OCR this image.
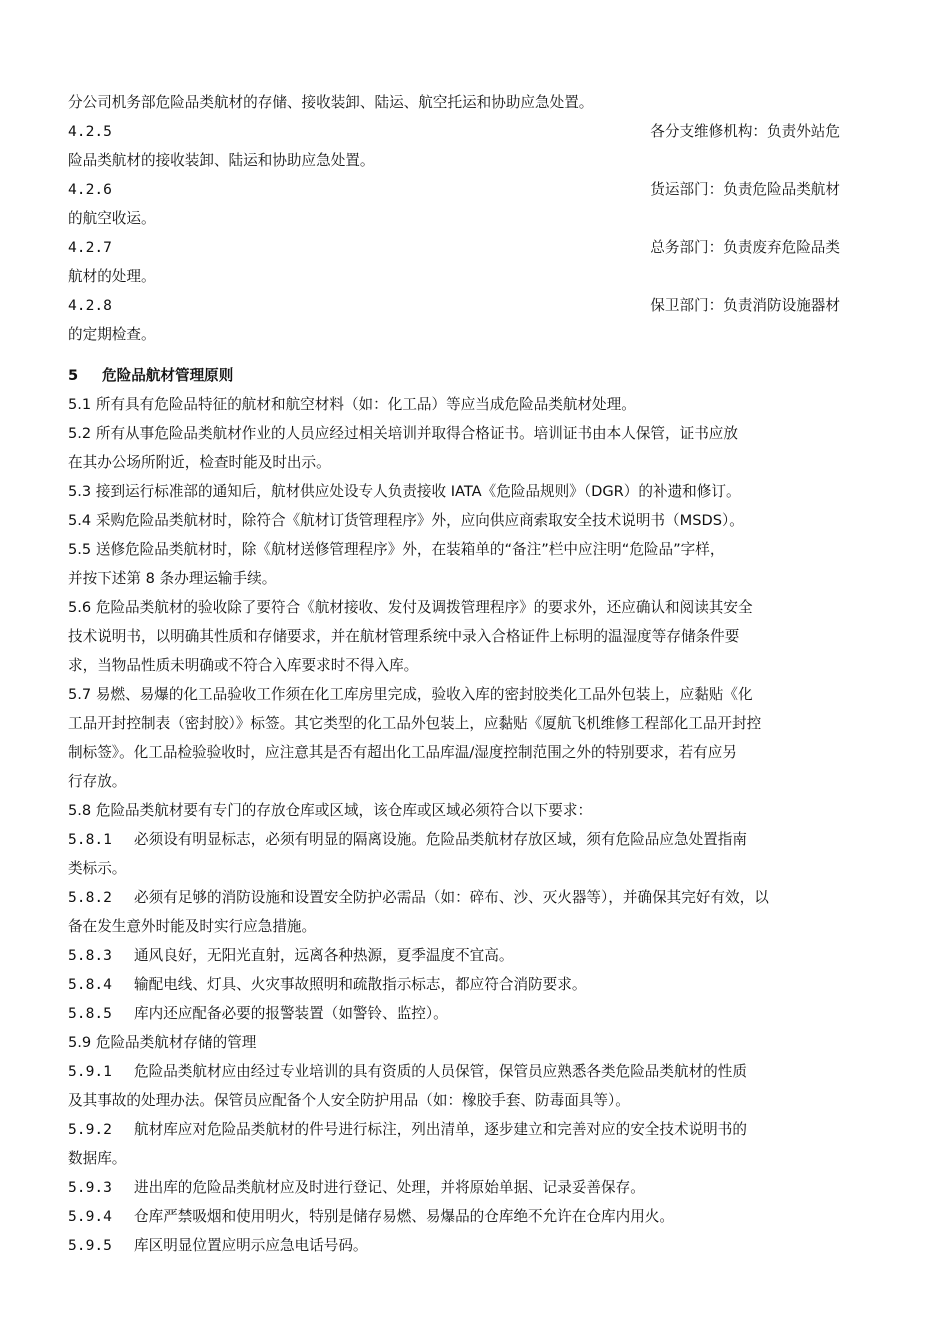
分公司机务部危险品类航材的存储、接收装卸、陆运、航空托运和协助应急处置。
4.2.5	各分支维修机构：负责外站危
险品类航材的接收装卸、陆运和协助应急处置。
4.2.6	货运部门：负责危险品类航材
的航空收运。
4.2.7	总务部门：负责废弃危险品类
航材的处理。
4.2.8	保卫部门：负责消防设施器材
的定期检查。
5 危险品航材管理原则
5.1 所有具有危险品特征的航材和航空材料（如：化工品）等应当成危险品类航材处理。
5.2 所有从事危险品类航材作业的人员应经过相关培训并取得合格证书。培训证书由本人保管，证书应放
在其办公场所附近，检查时能及时出示。
5.3 接到运行标准部的通知后，航材供应处设专人负责接收 IATA《危险品规则》（DGR）的补遗和修订。
5.4 采购危险品类航材时，除符合《航材订货管理程序》外，应向供应商索取安全技术说明书（MSDS）。
5.5 送修危险品类航材时，除《航材送修管理程序》外，在装箱单的“备注”栏中应注明“危险品”字样，
并按下述第 8 条办理运输手续。
5.6 危险品类航材的验收除了要符合《航材接收、发付及调拨管理程序》的要求外，还应确认和阅读其安全
技术说明书，以明确其性质和存储要求，并在航材管理系统中录入合格证件上标明的温湿度等存储条件要
求，当物品性质未明确或不符合入库要求时不得入库。
5.7 易燃、易爆的化工品验收工作须在化工库房里完成，验收入库的密封胶类化工品外包装上，应黏贴《化
工品开封控制表（密封胶）》标签。其它类型的化工品外包装上，应黏贴《厦航飞机维修工程部化工品开封控
制标签》。化工品检验验收时，应注意其是否有超出化工品库温/湿度控制范围之外的特别要求，若有应另
行存放。
5.8 危险品类航材要有专门的存放仓库或区域，该仓库或区域必须符合以下要求：
5.8.1 必须设有明显标志，必须有明显的隔离设施。危险品类航材存放区域，须有危险品应急处置指南
类标示。
5.8.2 必须有足够的消防设施和设置安全防护必需品（如：碎布、沙、灭火器等），并确保其完好有效，以
备在发生意外时能及时实行应急措施。
5.8.3 通风良好，无阳光直射，远离各种热源，夏季温度不宜高。
5.8.4 输配电线、灯具、火灾事故照明和疏散指示标志，都应符合消防要求。
5.8.5 库内还应配备必要的报警装置（如警铃、监控）。
5.9 危险品类航材存储的管理
5.9.1 危险品类航材应由经过专业培训的具有资质的人员保管，保管员应熟悉各类危险品类航材的性质
及其事故的处理办法。保管员应配备个人安全防护用品（如：橡胶手套、防毒面具等）。
5.9.2 航材库应对危险品类航材的件号进行标注，列出清单，逐步建立和完善对应的安全技术说明书的
数据库。
5.9.3 进出库的危险品类航材应及时进行登记、处理，并将原始单据、记录妥善保存。
5.9.4 仓库严禁吸烟和使用明火，特别是储存易燃、易爆品的仓库绝不允许在仓库内用火。
5.9.5 库区明显位置应明示应急电话号码。
